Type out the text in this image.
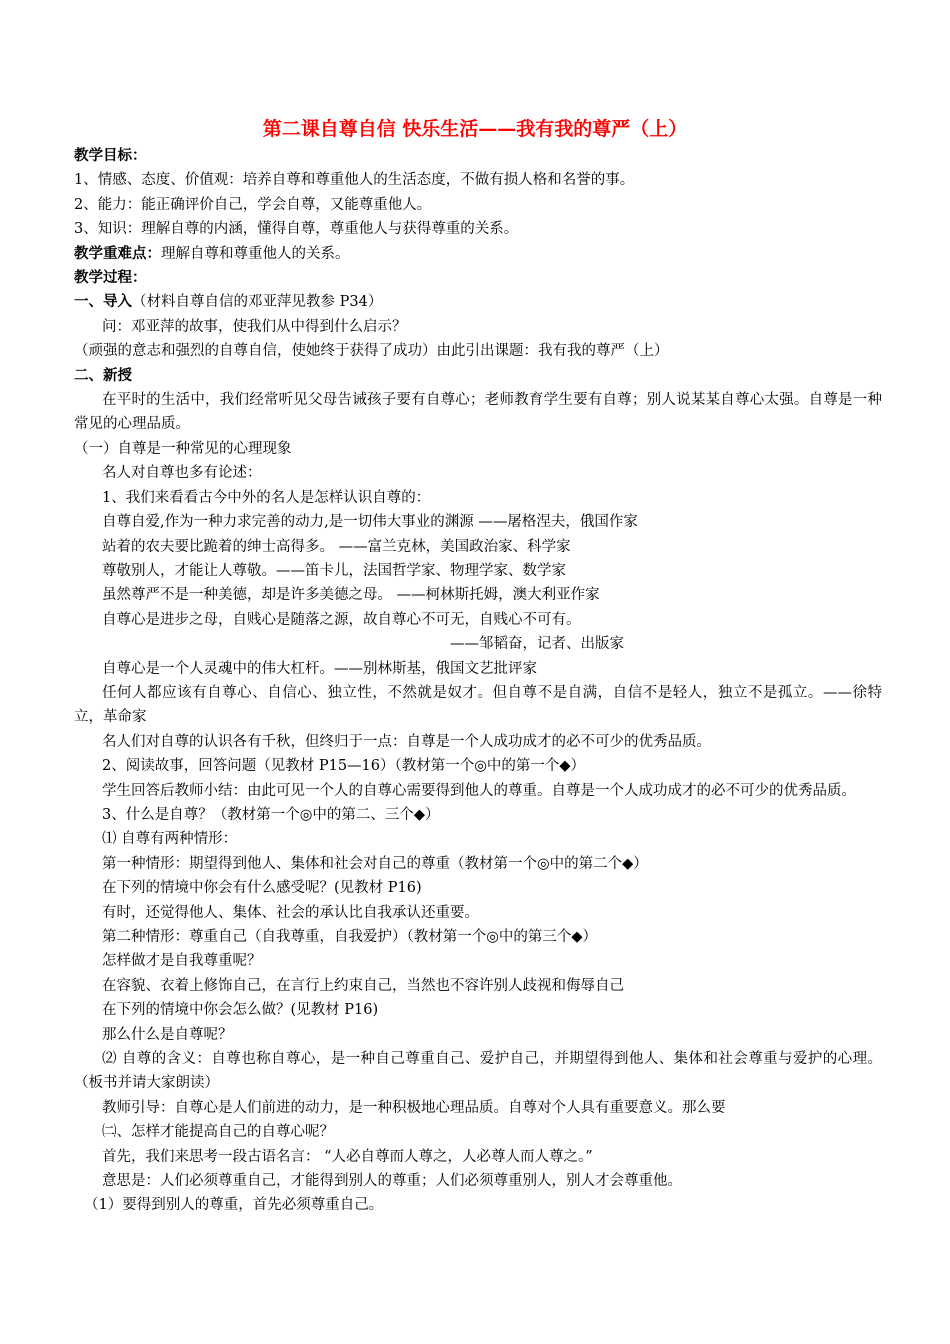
第二课自尊自信 快乐生活——我有我的尊严（上）

教学目标：

1、情感、态度、价值观：培养自尊和尊重他人的生活态度，不做有损人格和名誉的事。

2、能力：能正确评价自己，学会自尊，又能尊重他人。

3、知识：理解自尊的内涵，懂得自尊，尊重他人与获得尊重的关系。

教学重难点：理解自尊和尊重他人的关系。

教学过程：

一、导入（材料自尊自信的邓亚萍见教参 P34）

问：邓亚萍的故事，使我们从中得到什么启示？

（顽强的意志和强烈的自尊自信，使她终于获得了成功）由此引出课题：我有我的尊严（上）

二、新授

在平时的生活中，我们经常听见父母告诫孩子要有自尊心；老师教育学生要有自尊；别人说某某自尊心太强。自尊是一种常见的心理品质。

（一）自尊是一种常见的心理现象

名人对自尊也多有论述：

1、我们来看看古今中外的名人是怎样认识自尊的：

自尊自爱,作为一种力求完善的动力,是一切伟大事业的渊源 ——屠格涅夫，俄国作家

站着的农夫要比跪着的绅士高得多。 ——富兰克林，美国政治家、科学家

尊敬别人，才能让人尊敬。——笛卡儿，法国哲学家、物理学家、数学家

虽然尊严不是一种美德，却是许多美德之母。 ——柯林斯托姆，澳大利亚作家

自尊心是进步之母，自贱心是随落之源，故自尊心不可无，自贱心不可有。

——邹韬奋，记者、出版家

自尊心是一个人灵魂中的伟大杠杆。——别林斯基，俄国文艺批评家

任何人都应该有自尊心、自信心、独立性，不然就是奴才。但自尊不是自满，自信不是轻人，独立不是孤立。——徐特立，革命家

名人们对自尊的认识各有千秋，但终归于一点：自尊是一个人成功成才的必不可少的优秀品质。

2、阅读故事，回答问题（见教材 P15—16）（教材第一个◎中的第一个◆）

学生回答后教师小结：由此可见一个人的自尊心需要得到他人的尊重。自尊是一个人成功成才的必不可少的优秀品质。

3、什么是自尊？（教材第一个◎中的第二、三个◆）

⑴ 自尊有两种情形：

第一种情形：期望得到他人、集体和社会对自己的尊重（教材第一个◎中的第二个◆）

在下列的情境中你会有什么感受呢？(见教材 P16)

有时，还觉得他人、集体、社会的承认比自我承认还重要。

第二种情形：尊重自己（自我尊重，自我爱护）（教材第一个◎中的第三个◆）

怎样做才是自我尊重呢？

在容貌、衣着上修饰自己，在言行上约束自己，当然也不容许别人歧视和侮辱自己

在下列的情境中你会怎么做？(见教材 P16)

那么什么是自尊呢？

⑵ 自尊的含义：自尊也称自尊心，是一种自己尊重自己、爱护自己，并期望得到他人、集体和社会尊重与爱护的心理。（板书并请大家朗读）

教师引导：自尊心是人们前进的动力，是一种积极地心理品质。自尊对个人具有重要意义。那么要

㈡、怎样才能提高自己的自尊心呢？

首先，我们来思考一段古语名言： “人必自尊而人尊之，人必尊人而人尊之。”

意思是：人们必须尊重自己，才能得到别人的尊重；人们必须尊重别人，别人才会尊重他。

（1）要得到别人的尊重，首先必须尊重自己。
